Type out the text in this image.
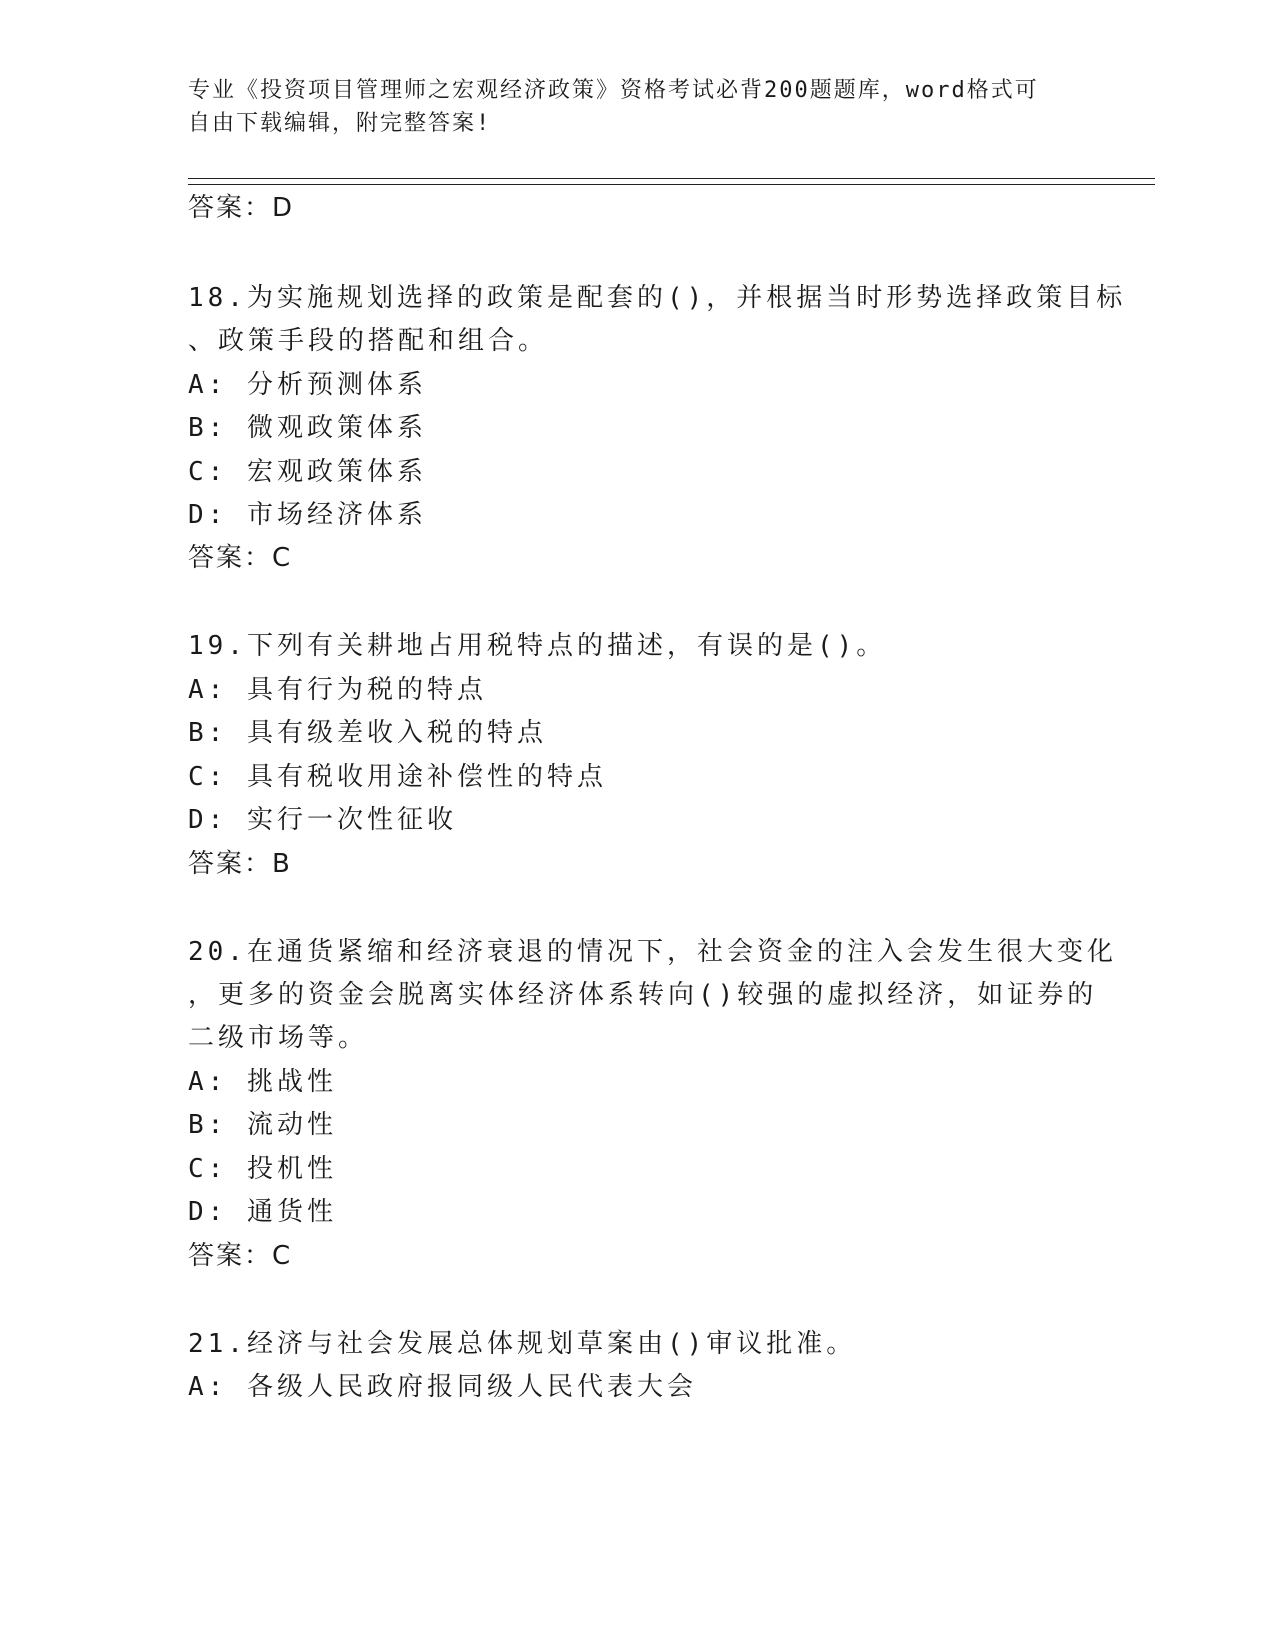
专业《投资项目管理师之宏观经济政策》资格考试必背200题题库，word格式可
自由下载编辑，附完整答案!
答案：D
18.为实施规划选择的政策是配套的()，并根据当时形势选择政策目标
、政策手段的搭配和组合。
A: 分析预测体系
B: 微观政策体系
C: 宏观政策体系
D: 市场经济体系
答案：C
19.下列有关耕地占用税特点的描述，有误的是()。
A: 具有行为税的特点
B: 具有级差收入税的特点
C: 具有税收用途补偿性的特点
D: 实行一次性征收
答案：B
20.在通货紧缩和经济衰退的情况下，社会资金的注入会发生很大变化
，更多的资金会脱离实体经济体系转向()较强的虚拟经济，如证券的
二级市场等。
A: 挑战性
B: 流动性
C: 投机性
D: 通货性
答案：C
21.经济与社会发展总体规划草案由()审议批准。
A: 各级人民政府报同级人民代表大会
